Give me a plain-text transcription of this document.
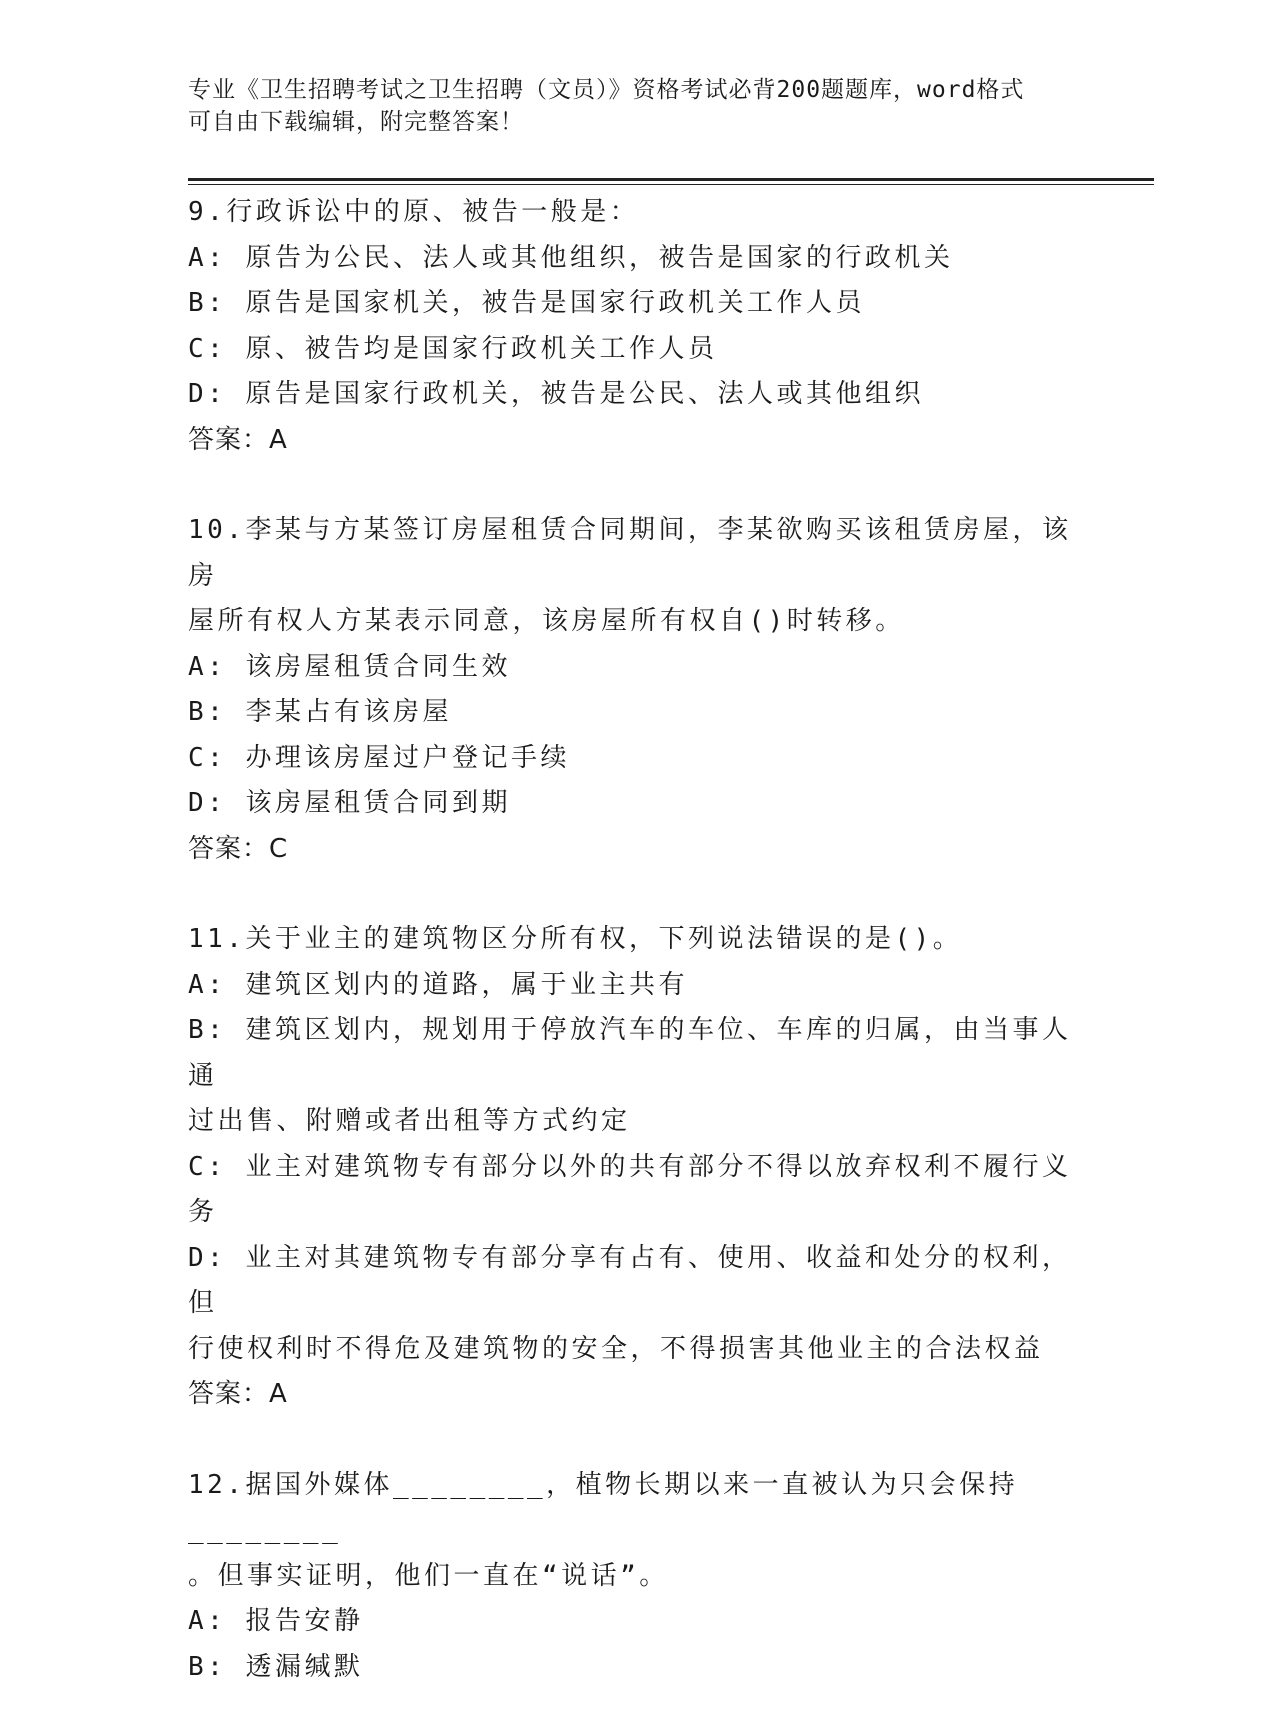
专业《卫生招聘考试之卫生招聘（文员）》资格考试必背200题题库，word格式

可自由下载编辑，附完整答案！

9.行政诉讼中的原、被告一般是：

A: 原告为公民、法人或其他组织，被告是国家的行政机关

B: 原告是国家机关，被告是国家行政机关工作人员

C: 原、被告均是国家行政机关工作人员

D: 原告是国家行政机关，被告是公民、法人或其他组织

答案：A

10.李某与方某签订房屋租赁合同期间，李某欲购买该租赁房屋，该房

屋所有权人方某表示同意，该房屋所有权自()时转移。

A: 该房屋租赁合同生效

B: 李某占有该房屋

C: 办理该房屋过户登记手续

D: 该房屋租赁合同到期

答案：C

11.关于业主的建筑物区分所有权，下列说法错误的是()。

A: 建筑区划内的道路，属于业主共有

B: 建筑区划内，规划用于停放汽车的车位、车库的归属，由当事人通

过出售、附赠或者出租等方式约定

C: 业主对建筑物专有部分以外的共有部分不得以放弃权利不履行义务

D: 业主对其建筑物专有部分享有占有、使用、收益和处分的权利，但

行使权利时不得危及建筑物的安全，不得损害其他业主的合法权益

答案：A

12.据国外媒体________，植物长期以来一直被认为只会保持________

。但事实证明，他们一直在“说话”。

A: 报告安静

B: 透漏缄默
